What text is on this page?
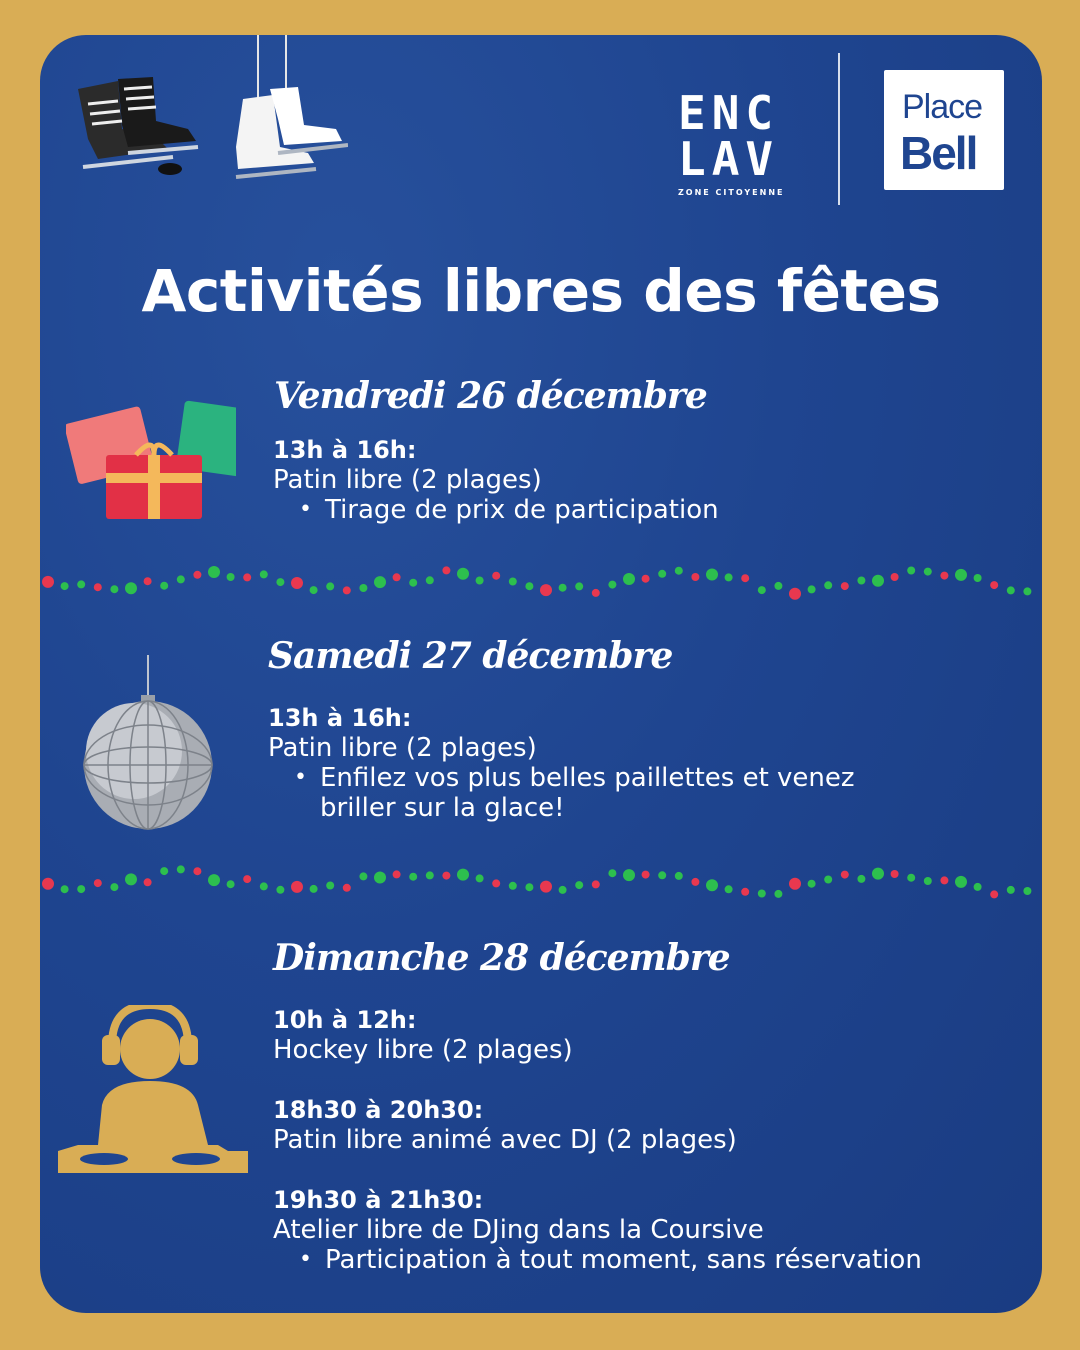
ENC
LAV
ZONE CITOYENNE
Place
Bell
Activités libres des fêtes
Vendredi 26 décembre
13h à 16h:
Patin libre (2 plages)
• Tirage de prix de participation
Samedi 27 décembre
13h à 16h:
Patin libre (2 plages)
• Enfilez vos plus belles paillettes et venez
briller sur la glace!
Dimanche 28 décembre
10h à 12h:
Hockey libre (2 plages)
18h30 à 20h30:
Patin libre animé avec DJ (2 plages)
19h30 à 21h30:
Atelier libre de DJing dans la Coursive
• Participation à tout moment, sans réservation
